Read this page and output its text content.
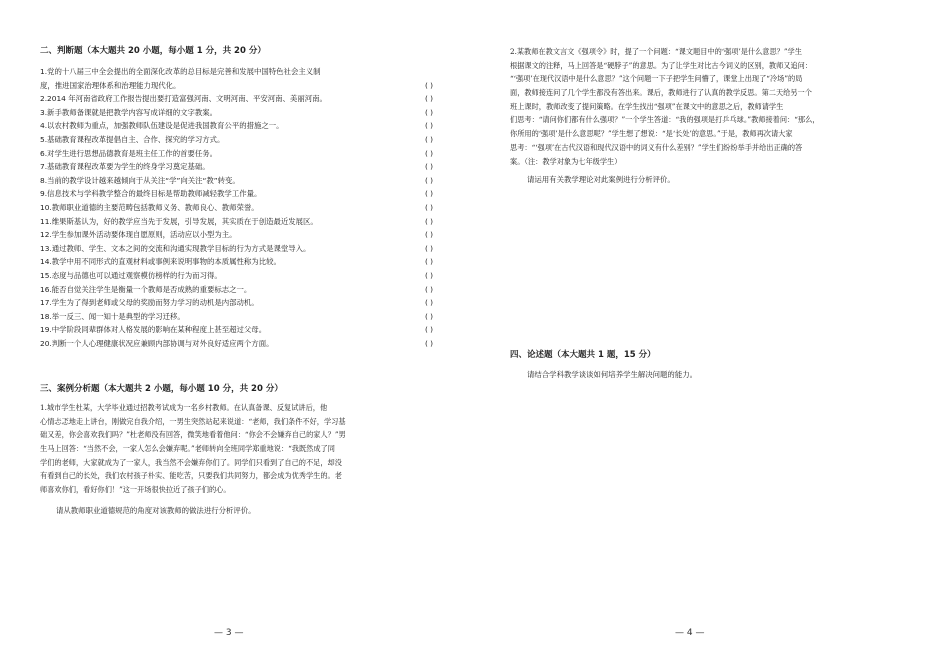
二、判断题（本大题共 20 小题，每小题 1 分，共 20 分）
1.党的十八届三中全会提出的全面深化改革的总目标是完善和发展中国特色社会主义制
度，推进国家治理体系和治理能力现代化。	( )
2.2014 年河南省政府工作报告提出要打造富强河南、文明河南、平安河南、美丽河南。	( )
3.新手教师备课就是把教学内容写成详细的文字教案。	( )
4.以农村教师为重点，加强教师队伍建设是促进我国教育公平的措施之一。	( )
5.基础教育课程改革提倡自主、合作、探究的学习方式。	( )
6.对学生进行思想品德教育是班主任工作的首要任务。	( )
7.基础教育课程改革要为学生的终身学习奠定基础。	( )
8.当前的教学设计越来越倾向于从关注“学”向关注“教”转变。	( )
9.信息技术与学科教学整合的最终目标是帮助教师减轻教学工作量。	( )
10.教师职业道德的主要范畴包括教师义务、教师良心、教师荣誉。	( )
11.维果斯基认为，好的教学应当先于发展，引导发展，其实质在于创造最近发展区。	( )
12.学生参加课外活动要体现自愿原则，活动应以小型为主。	( )
13.通过教师、学生、文本之间的交流和沟通实现教学目标的行为方式是课堂导入。	( )
14.教学中用不同形式的直观材料或事例来说明事物的本质属性称为比较。	( )
15.态度与品德也可以通过观察模仿榜样的行为而习得。	( )
16.能否自觉关注学生是衡量一个教师是否成熟的重要标志之一。	( )
17.学生为了得到老师或父母的奖励而努力学习的动机是内部动机。	( )
18.举一反三、闻一知十是典型的学习迁移。	( )
19.中学阶段同辈群体对人格发展的影响在某种程度上甚至超过父母。	( )
20.判断一个人心理健康状况应兼顾内部协调与对外良好适应两个方面。	( )
三、案例分析题（本大题共 2 小题，每小题 10 分，共 20 分）
1.城市学生杜某，大学毕业通过招教考试成为一名乡村教师。在认真备课、反复试讲后，他
心情忐忑地走上讲台，刚做完自我介绍，一男生突然站起来说道：“老师，我们条件不好，学习基
础又差，你会喜欢我们吗？”杜老师没有回答，微笑地看着他问：“你会不会嫌弃自己的家人？”男
生马上回答：“当然不会，一家人怎么会嫌弃呢。”老师转向全班同学郑重地说：“我既然成了同
学们的老师，大家就成为了一家人，我当然不会嫌弃你们了。同学们只看到了自己的不足，却没
有看到自己的长处，我们农村孩子朴实、能吃苦，只要我们共同努力，都会成为优秀学生的。老
师喜欢你们，看好你们！”这一开场很快拉近了孩子们的心。
请从教师职业道德规范的角度对该教师的做法进行分析评价。
— 3 —
2.某教师在教文言文《强项令》时，提了一个问题：“课文题目中的‘强项’是什么意思？”学生
根据课文的注释，马上回答是“硬脖子”的意思。为了让学生对比古今词义的区别，教师又追问：
“‘强项’在现代汉语中是什么意思？”这个问题一下子把学生问懵了，课堂上出现了“冷场”的局
面，教师接连问了几个学生都没有答出来。课后，教师进行了认真的教学反思。第二天给另一个
班上课时，教师改变了提问策略。在学生找出“强项”在课文中的意思之后，教师请学生
们思考：“请问你们都有什么强项？”一个学生答道：“我的强项是打乒乓球。”教师接着问：“那么，
你所用的‘强项’是什么意思呢？”学生想了想说：“是‘长处’的意思。”于是，教师再次请大家
思考：“‘强项’在古代汉语和现代汉语中的词义有什么差别？”学生们纷纷举手并给出正确的答
案。（注：教学对象为七年级学生）
请运用有关教学理论对此案例进行分析评价。
四、论述题（本大题共 1 题，15 分）
请结合学科教学谈谈如何培养学生解决问题的能力。
— 4 —
